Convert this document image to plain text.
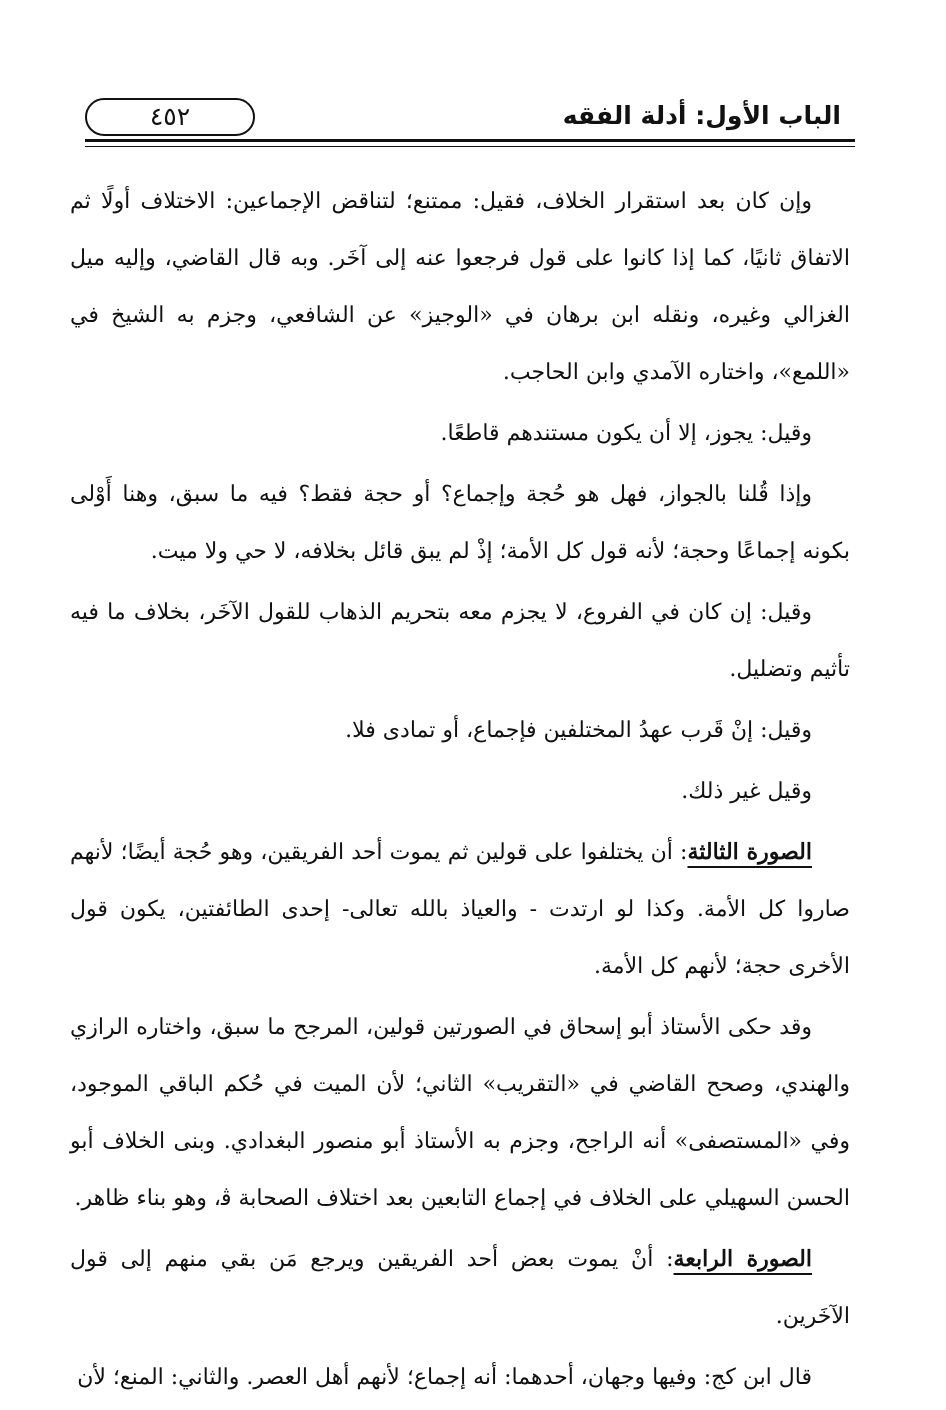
الباب الأول: أدلة الفقه
٤٥٢

وإن كان بعد استقرار الخلاف، فقيل: ممتنع؛ لتناقض الإجماعين: الاختلاف أولًا ثم الاتفاق ثانيًا، كما إذا كانوا على قول فرجعوا عنه إلى آخَر. وبه قال القاضي، وإليه ميل الغزالي وغيره، ونقله ابن برهان في «الوجيز» عن الشافعي، وجزم به الشيخ في «اللمع»، واختاره الآمدي وابن الحاجب.

وقيل: يجوز، إلا أن يكون مستندهم قاطعًا.

وإذا قُلنا بالجواز، فهل هو حُجة وإجماع؟ أو حجة فقط؟ فيه ما سبق، وهنا أَوْلى بكونه إجماعًا وحجة؛ لأنه قول كل الأمة؛ إذْ لم يبق قائل بخلافه، لا حي ولا ميت.

وقيل: إن كان في الفروع، لا يجزم معه بتحريم الذهاب للقول الآخَر، بخلاف ما فيه تأثيم وتضليل.

وقيل: إنْ قَرب عهدُ المختلفين فإجماع، أو تمادى فلا.

وقيل غير ذلك.

الصورة الثالثة: أن يختلفوا على قولين ثم يموت أحد الفريقين، وهو حُجة أيضًا؛ لأنهم صاروا كل الأمة. وكذا لو ارتدت - والعياذ بالله تعالى- إحدى الطائفتين، يكون قول الأخرى حجة؛ لأنهم كل الأمة.

وقد حكى الأستاذ أبو إسحاق في الصورتين قولين، المرجح ما سبق، واختاره الرازي والهندي، وصحح القاضي في «التقريب» الثاني؛ لأن الميت في حُكم الباقي الموجود، وفي «المستصفى» أنه الراجح، وجزم به الأستاذ أبو منصور البغدادي. وبنى الخلاف أبو الحسن السهيلي على الخلاف في إجماع التابعين بعد اختلاف الصحابة ﭬ، وهو بناء ظاهر.

الصورة الرابعة: أنْ يموت بعض أحد الفريقين ويرجع مَن بقي منهم إلى قول الآخَرين.

قال ابن كج: وفيها وجهان، أحدهما: أنه إجماع؛ لأنهم أهل العصر. والثاني: المنع؛ لأن
